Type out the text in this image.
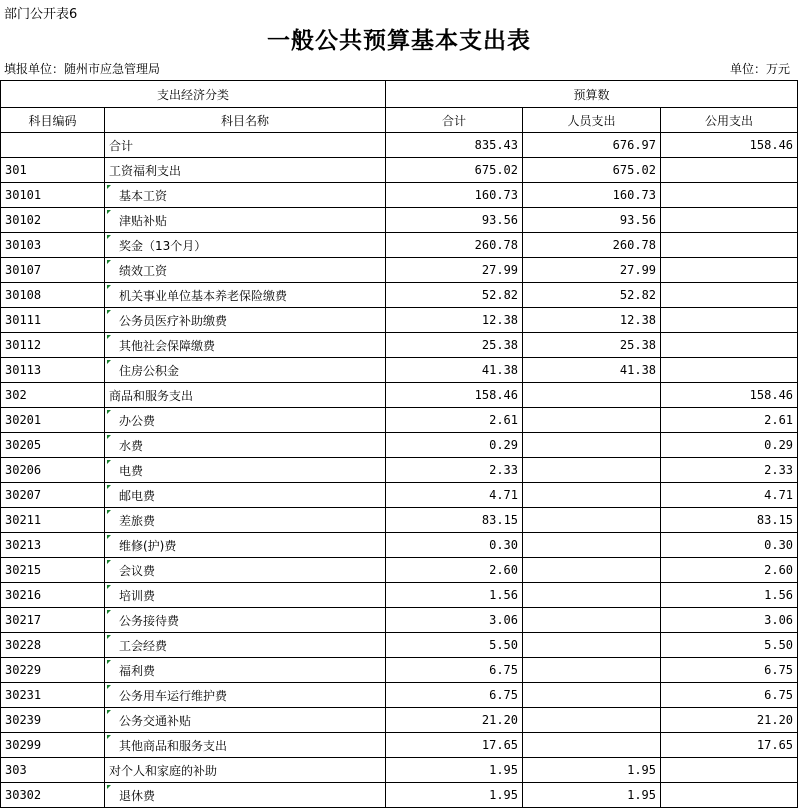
部门公开表6
一般公共预算基本支出表
填报单位：随州市应急管理局	单位：万元
支出经济分类		预算数		
科目编码	科目名称	合计	人员支出	公用支出
	合计	835.43	676.97	158.46
301	工资福利支出	675.02	675.02	
30101	基本工资	160.73	160.73	
30102	津贴补贴	93.56	93.56	
30103	奖金（13个月）	260.78	260.78	
30107	绩效工资	27.99	27.99	
30108	机关事业单位基本养老保险缴费	52.82	52.82	
30111	公务员医疗补助缴费	12.38	12.38	
30112	其他社会保障缴费	25.38	25.38	
30113	住房公积金	41.38	41.38	
302	商品和服务支出	158.46		158.46
30201	办公费	2.61		2.61
30205	水费	0.29		0.29
30206	电费	2.33		2.33
30207	邮电费	4.71		4.71
30211	差旅费	83.15		83.15
30213	维修(护)费	0.30		0.30
30215	会议费	2.60		2.60
30216	培训费	1.56		1.56
30217	公务接待费	3.06		3.06
30228	工会经费	5.50		5.50
30229	福利费	6.75		6.75
30231	公务用车运行维护费	6.75		6.75
30239	公务交通补贴	21.20		21.20
30299	其他商品和服务支出	17.65		17.65
303	对个人和家庭的补助	1.95	1.95	
30302	退休费	1.95	1.95	
